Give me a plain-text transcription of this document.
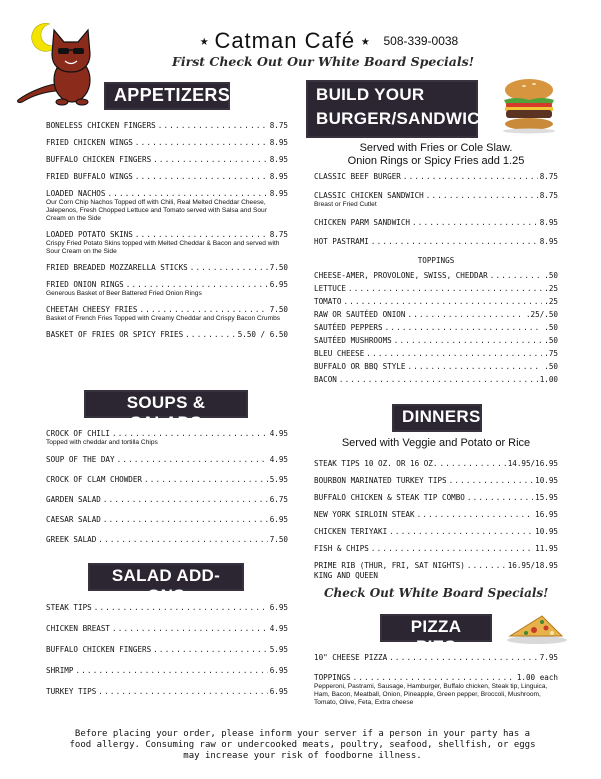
★ Catman Café ★ 508-339-0038
First Check Out Our White Board Specials!
APPETIZERS
BONELESS CHICKEN FINGERS .....	8.75
FRIED CHICKEN WINGS .....	8.95
BUFFALO CHICKEN FINGERS .....	8.95
FRIED BUFFALO WINGS .....	8.95
LOADED NACHOS .....	8.95
Our Corn Chip Nachos Topped off with Chili, Real Melted Cheddar Cheese, Jalepenos, Fresh Chopped Lettuce and Tomato served with Salsa and Sour Cream on the Side
LOADED POTATO SKINS .....	8.75
Crispy Fried Potato Skins topped with Melted Cheddar & Bacon and served with Sour Cream on the Side
FRIED BREADED MOZZARELLA STICKS .....	7.50
FRIED ONION RINGS .....	6.95
Generous Basket of Beer Battered Fried Onion Rings
CHEETAH CHEESY FRIES .....	7.50
Basket of French Fries Topped with Creamy Cheddar and Crispy Bacon Crumbs
BASKET OF FRIES OR SPICY FRIES .....	5.50 / 6.50
SOUPS & SALADS
CROCK OF CHILI .....	4.95
Topped with cheddar and tortilla Chips
SOUP OF THE DAY .....	4.95
CROCK OF CLAM CHOWDER .....	5.95
GARDEN SALAD .....	6.75
CAESAR SALAD .....	6.95
GREEK SALAD .....	7.50
SALAD ADD-ONS
STEAK TIPS .....	6.95
CHICKEN BREAST .....	4.95
BUFFALO CHICKEN FINGERS .....	5.95
SHRIMP .....	6.95
TURKEY TIPS .....	6.95
BUILD YOUR
BURGER/SANDWICH
Served with Fries or Cole Slaw.
Onion Rings or Spicy Fries add 1.25
CLASSIC BEEF BURGER .....	8.75
CLASSIC CHICKEN SANDWICH .....	8.75
Breast or Fried Cutlet
CHICKEN PARM SANDWICH .....	8.95
HOT PASTRAMI .....	8.95
TOPPINGS
CHEESE-AMER, PROVOLONE, SWISS, CHEDDAR .....	.50
LETTUCE .....	.25
TOMATO .....	.25
RAW OR SAUTÉED ONION .....	.25/.50
SAUTÉED PEPPERS .....	.50
SAUTÉED MUSHROOMS .....	.50
BLEU CHEESE .....	.75
BUFFALO OR BBQ STYLE .....	.50
BACON .....	1.00
DINNERS
Served with Veggie and Potato or Rice
STEAK TIPS 10 OZ. OR 16 OZ. .....	14.95/16.95
BOURBON MARINATED TURKEY TIPS .....	10.95
BUFFALO CHICKEN & STEAK TIP COMBO .....	15.95
NEW YORK SIRLOIN STEAK .....	16.95
CHICKEN TERIYAKI .....	10.95
FISH & CHIPS .....	11.95
PRIME RIB (THUR, FRI, SAT NIGHTS) .....	16.95/18.95
KING AND QUEEN
Check Out White Board Specials!
PIZZA PIES
10" CHEESE PIZZA .....	7.95
TOPPINGS .....	1.00 each
Pepperoni, Pastrami, Sausage, Hamburger, Buffalo chicken, Steak tip, Linguica, Ham, Bacon, Meatball, Onion, Pineapple, Green pepper, Broccoli, Mushroom, Tomato, Olive, Feta, Extra cheese
Before placing your order, please inform your server if a person in your party has a
food allergy. Consuming raw or undercooked meats, poultry, seafood, shellfish, or eggs
may increase your risk of foodborne illness.
